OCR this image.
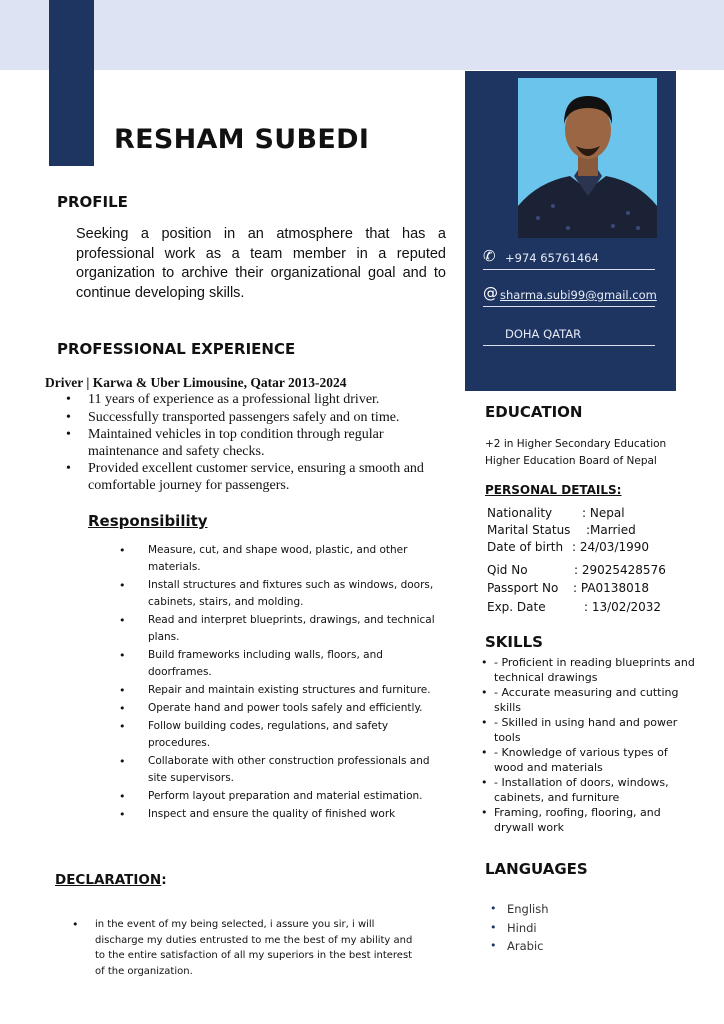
RESHAM SUBEDI
PROFILE
Seeking a position in an atmosphere that has a professional work as a team member in a reputed organization to archive their organizational goal and to continue developing skills.
PROFESSIONAL EXPERIENCE
Driver | Karwa & Uber Limousine, Qatar 2013-2024
• 11 years of experience as a professional light driver.
• Successfully transported passengers safely and on time.
• Maintained vehicles in top condition through regular maintenance and safety checks.
• Provided excellent customer service, ensuring a smooth and comfortable journey for passengers.
Responsibility
• Measure, cut, and shape wood, plastic, and other materials.
• Install structures and fixtures such as windows, doors, cabinets, stairs, and molding.
• Read and interpret blueprints, drawings, and technical plans.
• Build frameworks including walls, floors, and doorframes.
• Repair and maintain existing structures and furniture.
• Operate hand and power tools safely and efficiently.
• Follow building codes, regulations, and safety procedures.
• Collaborate with other construction professionals and site supervisors.
• Perform layout preparation and material estimation.
• Inspect and ensure the quality of finished work
DECLARATION:
• in the event of my being selected, i assure you sir, i will discharge my duties entrusted to me the best of my ability and to the entire satisfaction of all my superiors in the best interest of the organization.
✆ +974 65761464
@ sharma.subi99@gmail.com
DOHA QATAR
EDUCATION
+2 in Higher Secondary Education
Higher Education Board of Nepal
PERSONAL DETAILS:
Nationality : Nepal
Marital Status :Married
Date of birth : 24/03/1990
Qid No	: 29025428576
Passport No : PA0138018
Exp. Date	: 13/02/2032
SKILLS
• - Proficient in reading blueprints and technical drawings
• - Accurate measuring and cutting skills
• - Skilled in using hand and power tools
• - Knowledge of various types of wood and materials
• - Installation of doors, windows, cabinets, and furniture
• Framing, roofing, flooring, and drywall work
LANGUAGES
• English
• Hindi
• Arabic
